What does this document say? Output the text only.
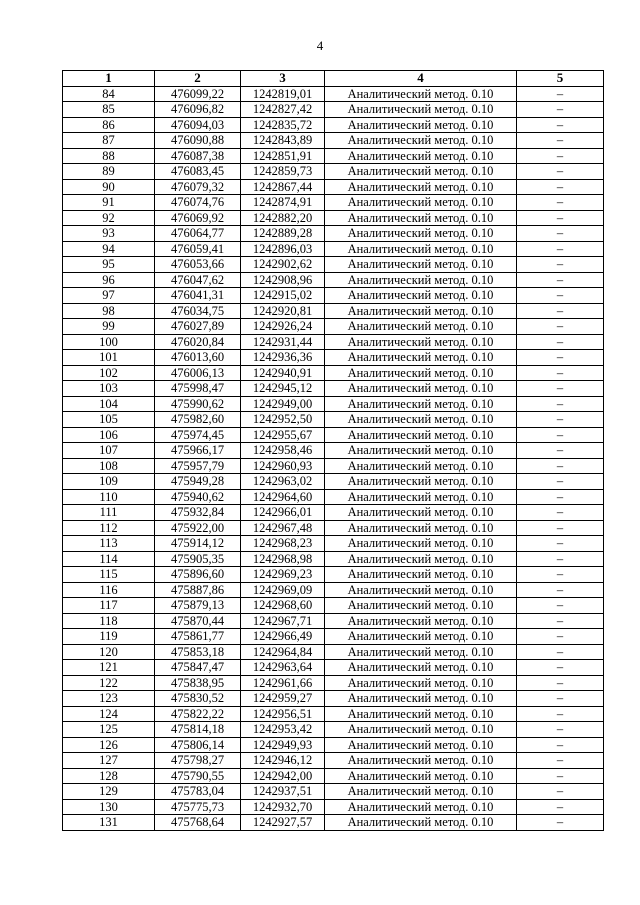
4
1	2	3	4	5
84	476099,22	1242819,01	Аналитический метод. 0.10	–
85	476096,82	1242827,42	Аналитический метод. 0.10	–
86	476094,03	1242835,72	Аналитический метод. 0.10	–
87	476090,88	1242843,89	Аналитический метод. 0.10	–
88	476087,38	1242851,91	Аналитический метод. 0.10	–
89	476083,45	1242859,73	Аналитический метод. 0.10	–
90	476079,32	1242867,44	Аналитический метод. 0.10	–
91	476074,76	1242874,91	Аналитический метод. 0.10	–
92	476069,92	1242882,20	Аналитический метод. 0.10	–
93	476064,77	1242889,28	Аналитический метод. 0.10	–
94	476059,41	1242896,03	Аналитический метод. 0.10	–
95	476053,66	1242902,62	Аналитический метод. 0.10	–
96	476047,62	1242908,96	Аналитический метод. 0.10	–
97	476041,31	1242915,02	Аналитический метод. 0.10	–
98	476034,75	1242920,81	Аналитический метод. 0.10	–
99	476027,89	1242926,24	Аналитический метод. 0.10	–
100	476020,84	1242931,44	Аналитический метод. 0.10	–
101	476013,60	1242936,36	Аналитический метод. 0.10	–
102	476006,13	1242940,91	Аналитический метод. 0.10	–
103	475998,47	1242945,12	Аналитический метод. 0.10	–
104	475990,62	1242949,00	Аналитический метод. 0.10	–
105	475982,60	1242952,50	Аналитический метод. 0.10	–
106	475974,45	1242955,67	Аналитический метод. 0.10	–
107	475966,17	1242958,46	Аналитический метод. 0.10	–
108	475957,79	1242960,93	Аналитический метод. 0.10	–
109	475949,28	1242963,02	Аналитический метод. 0.10	–
110	475940,62	1242964,60	Аналитический метод. 0.10	–
111	475932,84	1242966,01	Аналитический метод. 0.10	–
112	475922,00	1242967,48	Аналитический метод. 0.10	–
113	475914,12	1242968,23	Аналитический метод. 0.10	–
114	475905,35	1242968,98	Аналитический метод. 0.10	–
115	475896,60	1242969,23	Аналитический метод. 0.10	–
116	475887,86	1242969,09	Аналитический метод. 0.10	–
117	475879,13	1242968,60	Аналитический метод. 0.10	–
118	475870,44	1242967,71	Аналитический метод. 0.10	–
119	475861,77	1242966,49	Аналитический метод. 0.10	–
120	475853,18	1242964,84	Аналитический метод. 0.10	–
121	475847,47	1242963,64	Аналитический метод. 0.10	–
122	475838,95	1242961,66	Аналитический метод. 0.10	–
123	475830,52	1242959,27	Аналитический метод. 0.10	–
124	475822,22	1242956,51	Аналитический метод. 0.10	–
125	475814,18	1242953,42	Аналитический метод. 0.10	–
126	475806,14	1242949,93	Аналитический метод. 0.10	–
127	475798,27	1242946,12	Аналитический метод. 0.10	–
128	475790,55	1242942,00	Аналитический метод. 0.10	–
129	475783,04	1242937,51	Аналитический метод. 0.10	–
130	475775,73	1242932,70	Аналитический метод. 0.10	–
131	475768,64	1242927,57	Аналитический метод. 0.10	–
